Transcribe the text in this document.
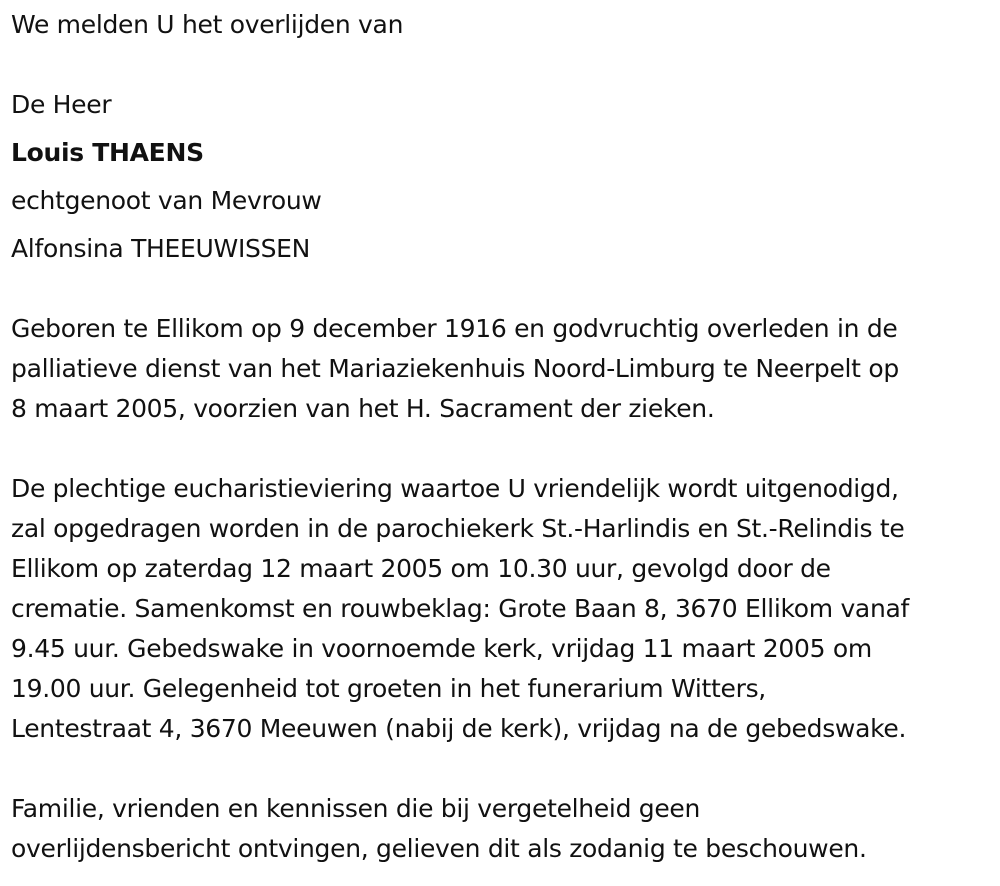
We melden U het overlijden van
De Heer
Louis THAENS
echtgenoot van Mevrouw
Alfonsina THEEUWISSEN
Geboren te Ellikom op 9 december 1916 en godvruchtig overleden in de
palliatieve dienst van het Mariaziekenhuis Noord-Limburg te Neerpelt op
8 maart 2005, voorzien van het H. Sacrament der zieken.
De plechtige eucharistieviering waartoe U vriendelijk wordt uitgenodigd,
zal opgedragen worden in de parochiekerk St.-Harlindis en St.-Relindis te
Ellikom op zaterdag 12 maart 2005 om 10.30 uur, gevolgd door de
crematie. Samenkomst en rouwbeklag: Grote Baan 8, 3670 Ellikom vanaf
9.45 uur. Gebedswake in voornoemde kerk, vrijdag 11 maart 2005 om
19.00 uur. Gelegenheid tot groeten in het funerarium Witters,
Lentestraat 4, 3670 Meeuwen (nabij de kerk), vrijdag na de gebedswake.
Familie, vrienden en kennissen die bij vergetelheid geen
overlijdensbericht ontvingen, gelieven dit als zodanig te beschouwen.
